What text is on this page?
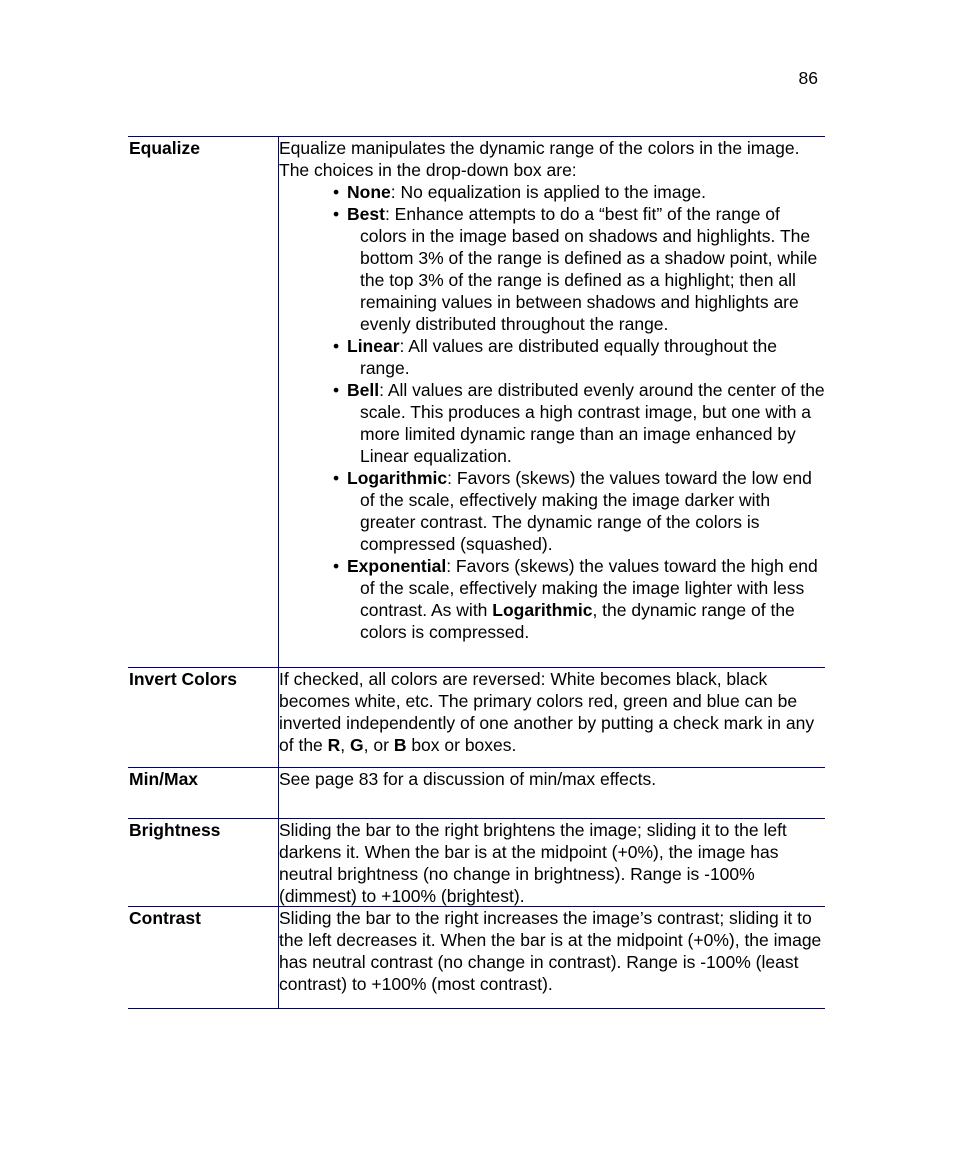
86
Equalize	Equalize manipulates the dynamic range of the colors in the image. The choices in the drop-down box are:
• None: No equalization is applied to the image.
• Best: Enhance attempts to do a “best fit” of the range of colors in the image based on shadows and highlights. The bottom 3% of the range is defined as a shadow point, while the top 3% of the range is defined as a highlight; then all remaining values in between shadows and highlights are evenly distributed throughout the range.
• Linear: All values are distributed equally throughout the range.
• Bell: All values are distributed evenly around the center of the scale. This produces a high contrast image, but one with a more limited dynamic range than an image enhanced by Linear equalization.
• Logarithmic: Favors (skews) the values toward the low end of the scale, effectively making the image darker with greater contrast. The dynamic range of the colors is compressed (squashed).
• Exponential: Favors (skews) the values toward the high end of the scale, effectively making the image lighter with less contrast. As with Logarithmic, the dynamic range of the colors is compressed.
Invert Colors	If checked, all colors are reversed: White becomes black, black becomes white, etc. The primary colors red, green and blue can be inverted independently of one another by putting a check mark in any of the R, G, or B box or boxes.
Min/Max	See page 83 for a discussion of min/max effects.
Brightness	Sliding the bar to the right brightens the image; sliding it to the left darkens it. When the bar is at the midpoint (+0%), the image has neutral brightness (no change in brightness). Range is -100% (dimmest) to +100% (brightest).
Contrast	Sliding the bar to the right increases the image’s contrast; sliding it to the left decreases it. When the bar is at the midpoint (+0%), the image has neutral contrast (no change in contrast). Range is -100% (least contrast) to +100% (most contrast).
